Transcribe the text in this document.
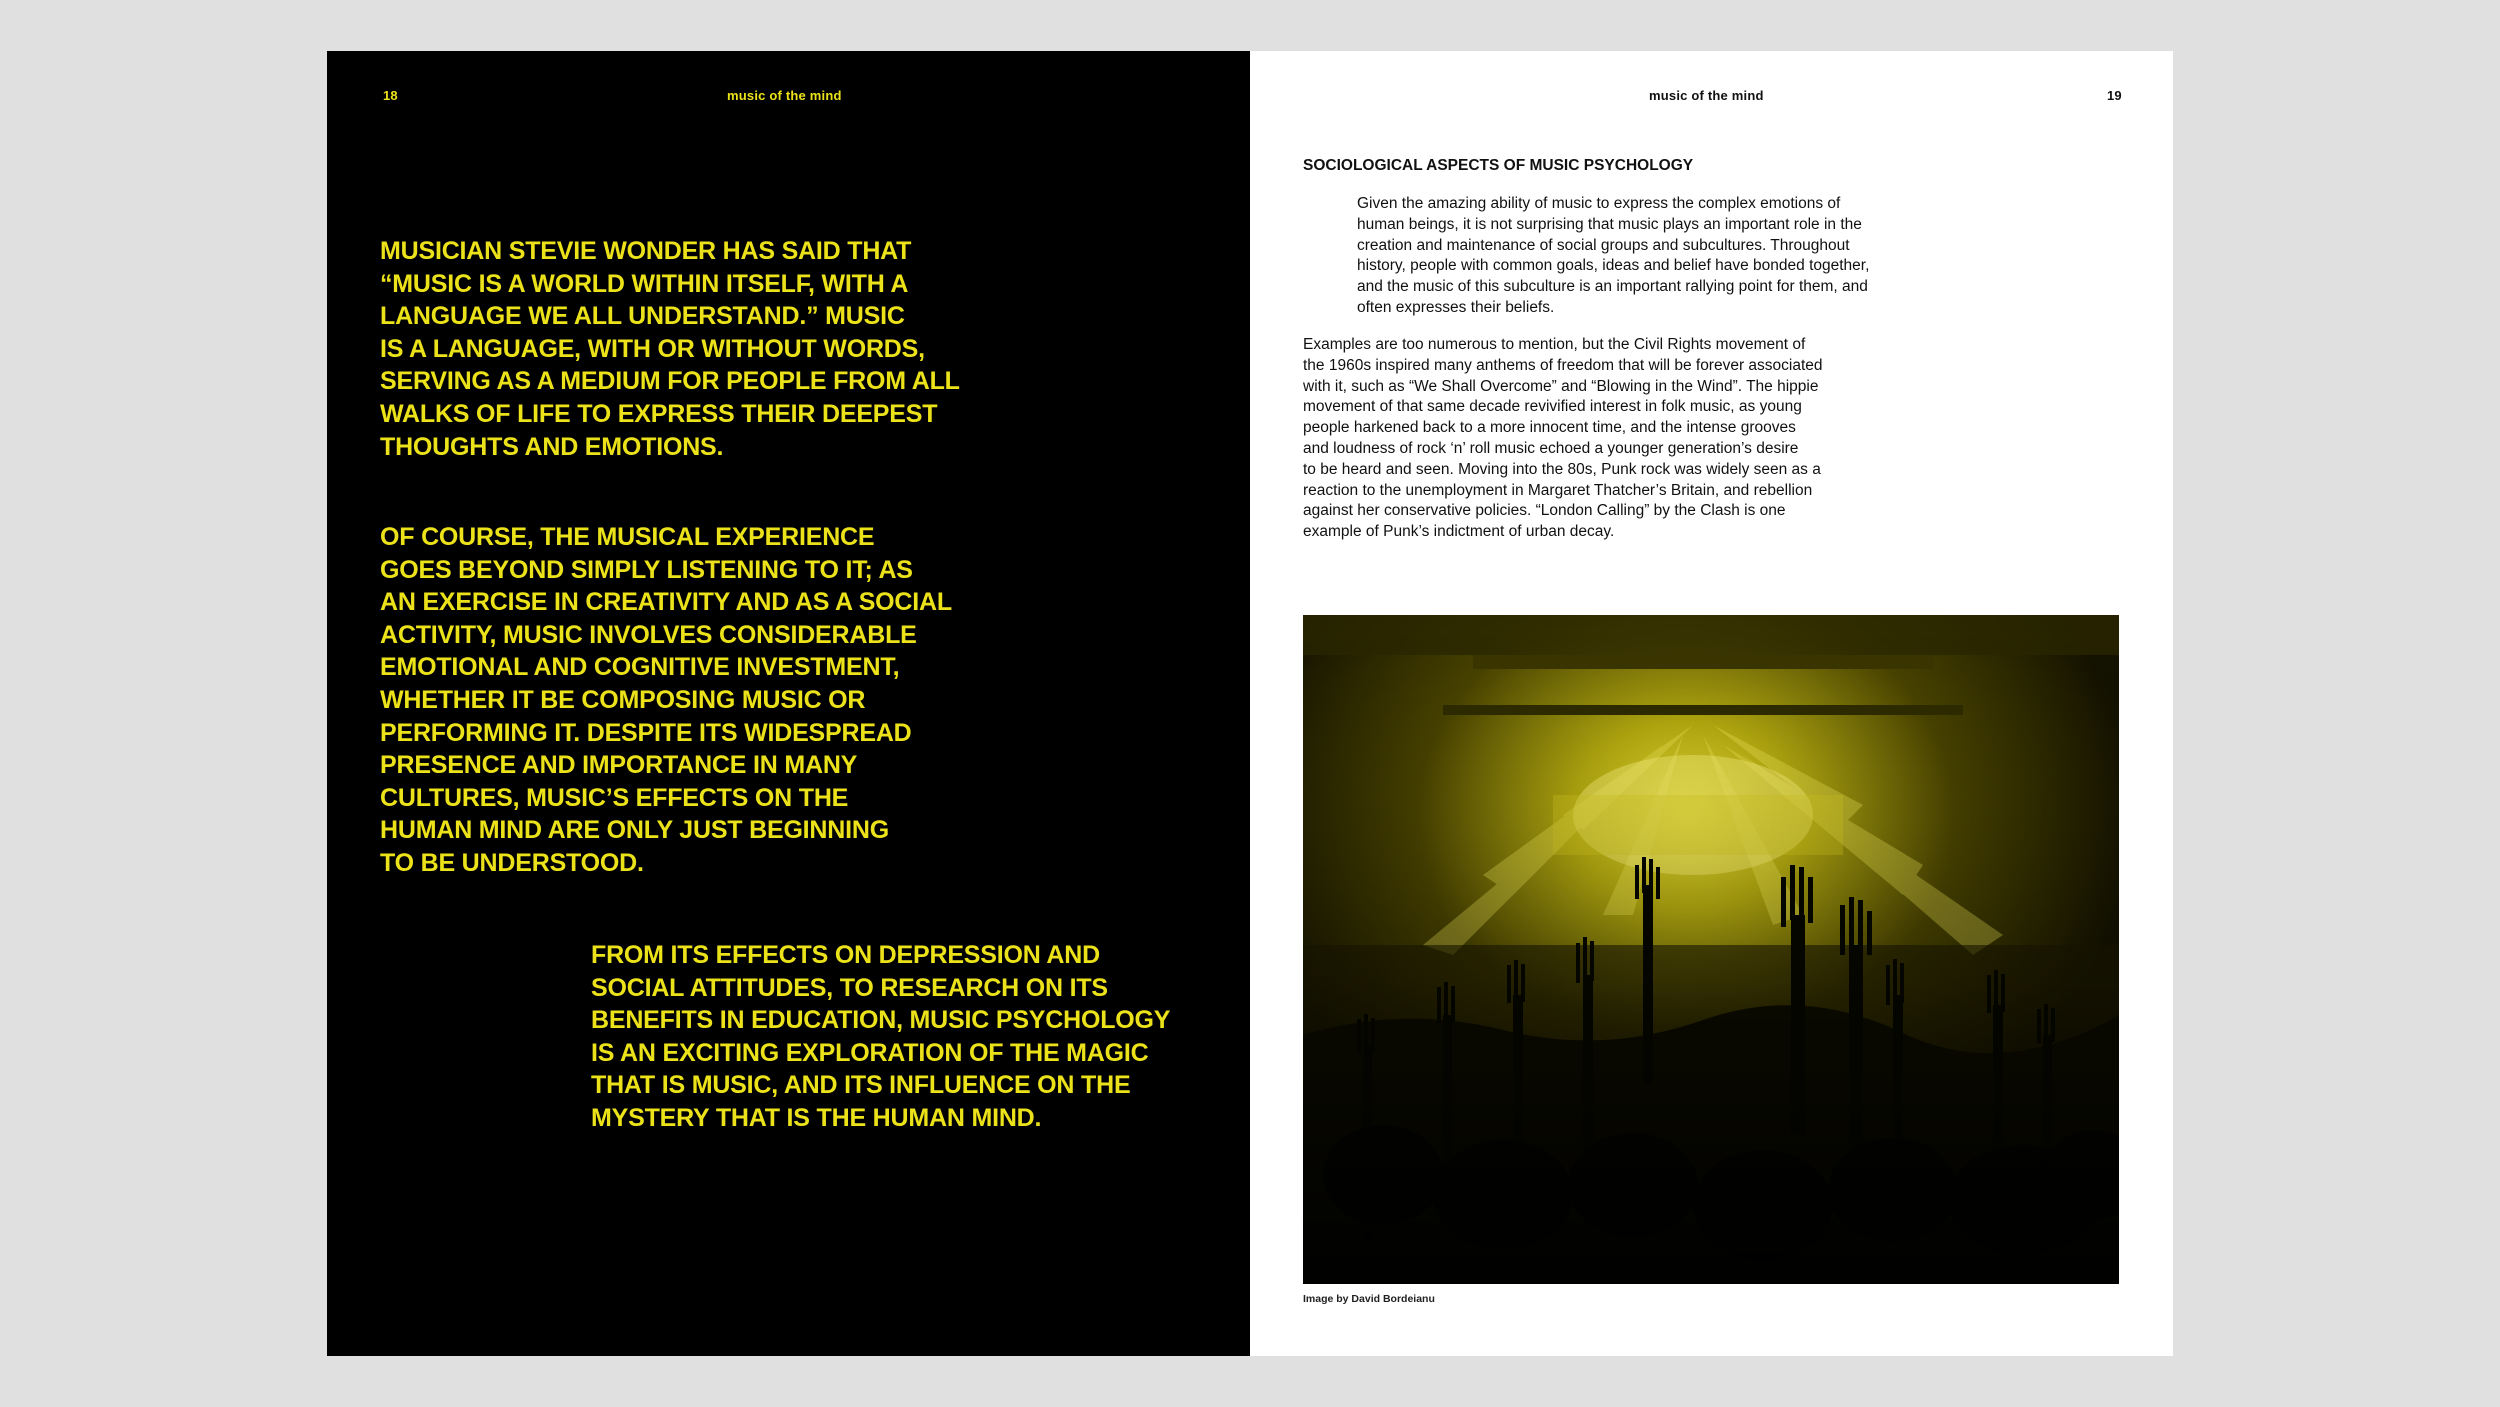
18	music of the mind

MUSICIAN STEVIE WONDER HAS SAID THAT
“MUSIC IS A WORLD WITHIN ITSELF, WITH A
LANGUAGE WE ALL UNDERSTAND.” MUSIC
IS A LANGUAGE, WITH OR WITHOUT WORDS,
SERVING AS A MEDIUM FOR PEOPLE FROM ALL
WALKS OF LIFE TO EXPRESS THEIR DEEPEST
THOUGHTS AND EMOTIONS.

OF COURSE, THE MUSICAL EXPERIENCE
GOES BEYOND SIMPLY LISTENING TO IT; AS
AN EXERCISE IN CREATIVITY AND AS A SOCIAL
ACTIVITY, MUSIC INVOLVES CONSIDERABLE
EMOTIONAL AND COGNITIVE INVESTMENT,
WHETHER IT BE COMPOSING MUSIC OR
PERFORMING IT. DESPITE ITS WIDESPREAD
PRESENCE AND IMPORTANCE IN MANY
CULTURES, MUSIC’S EFFECTS ON THE
HUMAN MIND ARE ONLY JUST BEGINNING
TO BE UNDERSTOOD.

FROM ITS EFFECTS ON DEPRESSION AND
SOCIAL ATTITUDES, TO RESEARCH ON ITS
BENEFITS IN EDUCATION, MUSIC PSYCHOLOGY
IS AN EXCITING EXPLORATION OF THE MAGIC
THAT IS MUSIC, AND ITS INFLUENCE ON THE
MYSTERY THAT IS THE HUMAN MIND.

music of the mind	19
SOCIOLOGICAL ASPECTS OF MUSIC PSYCHOLOGY

Given the amazing ability of music to express the complex emotions of
human beings, it is not surprising that music plays an important role in the
creation and maintenance of social groups and subcultures. Throughout
history, people with common goals, ideas and belief have bonded together,
and the music of this subculture is an important rallying point for them, and
often expresses their beliefs.

Examples are too numerous to mention, but the Civil Rights movement of
the 1960s inspired many anthems of freedom that will be forever associated
with it, such as “We Shall Overcome” and “Blowing in the Wind”. The hippie
movement of that same decade revivified interest in folk music, as young
people harkened back to a more innocent time, and the intense grooves
and loudness of rock ‘n’ roll music echoed a younger generation’s desire
to be heard and seen. Moving into the 80s, Punk rock was widely seen as a
reaction to the unemployment in Margaret Thatcher’s Britain, and rebellion
against her conservative policies. “London Calling” by the Clash is one
example of Punk’s indictment of urban decay.

Image by David Bordeianu
